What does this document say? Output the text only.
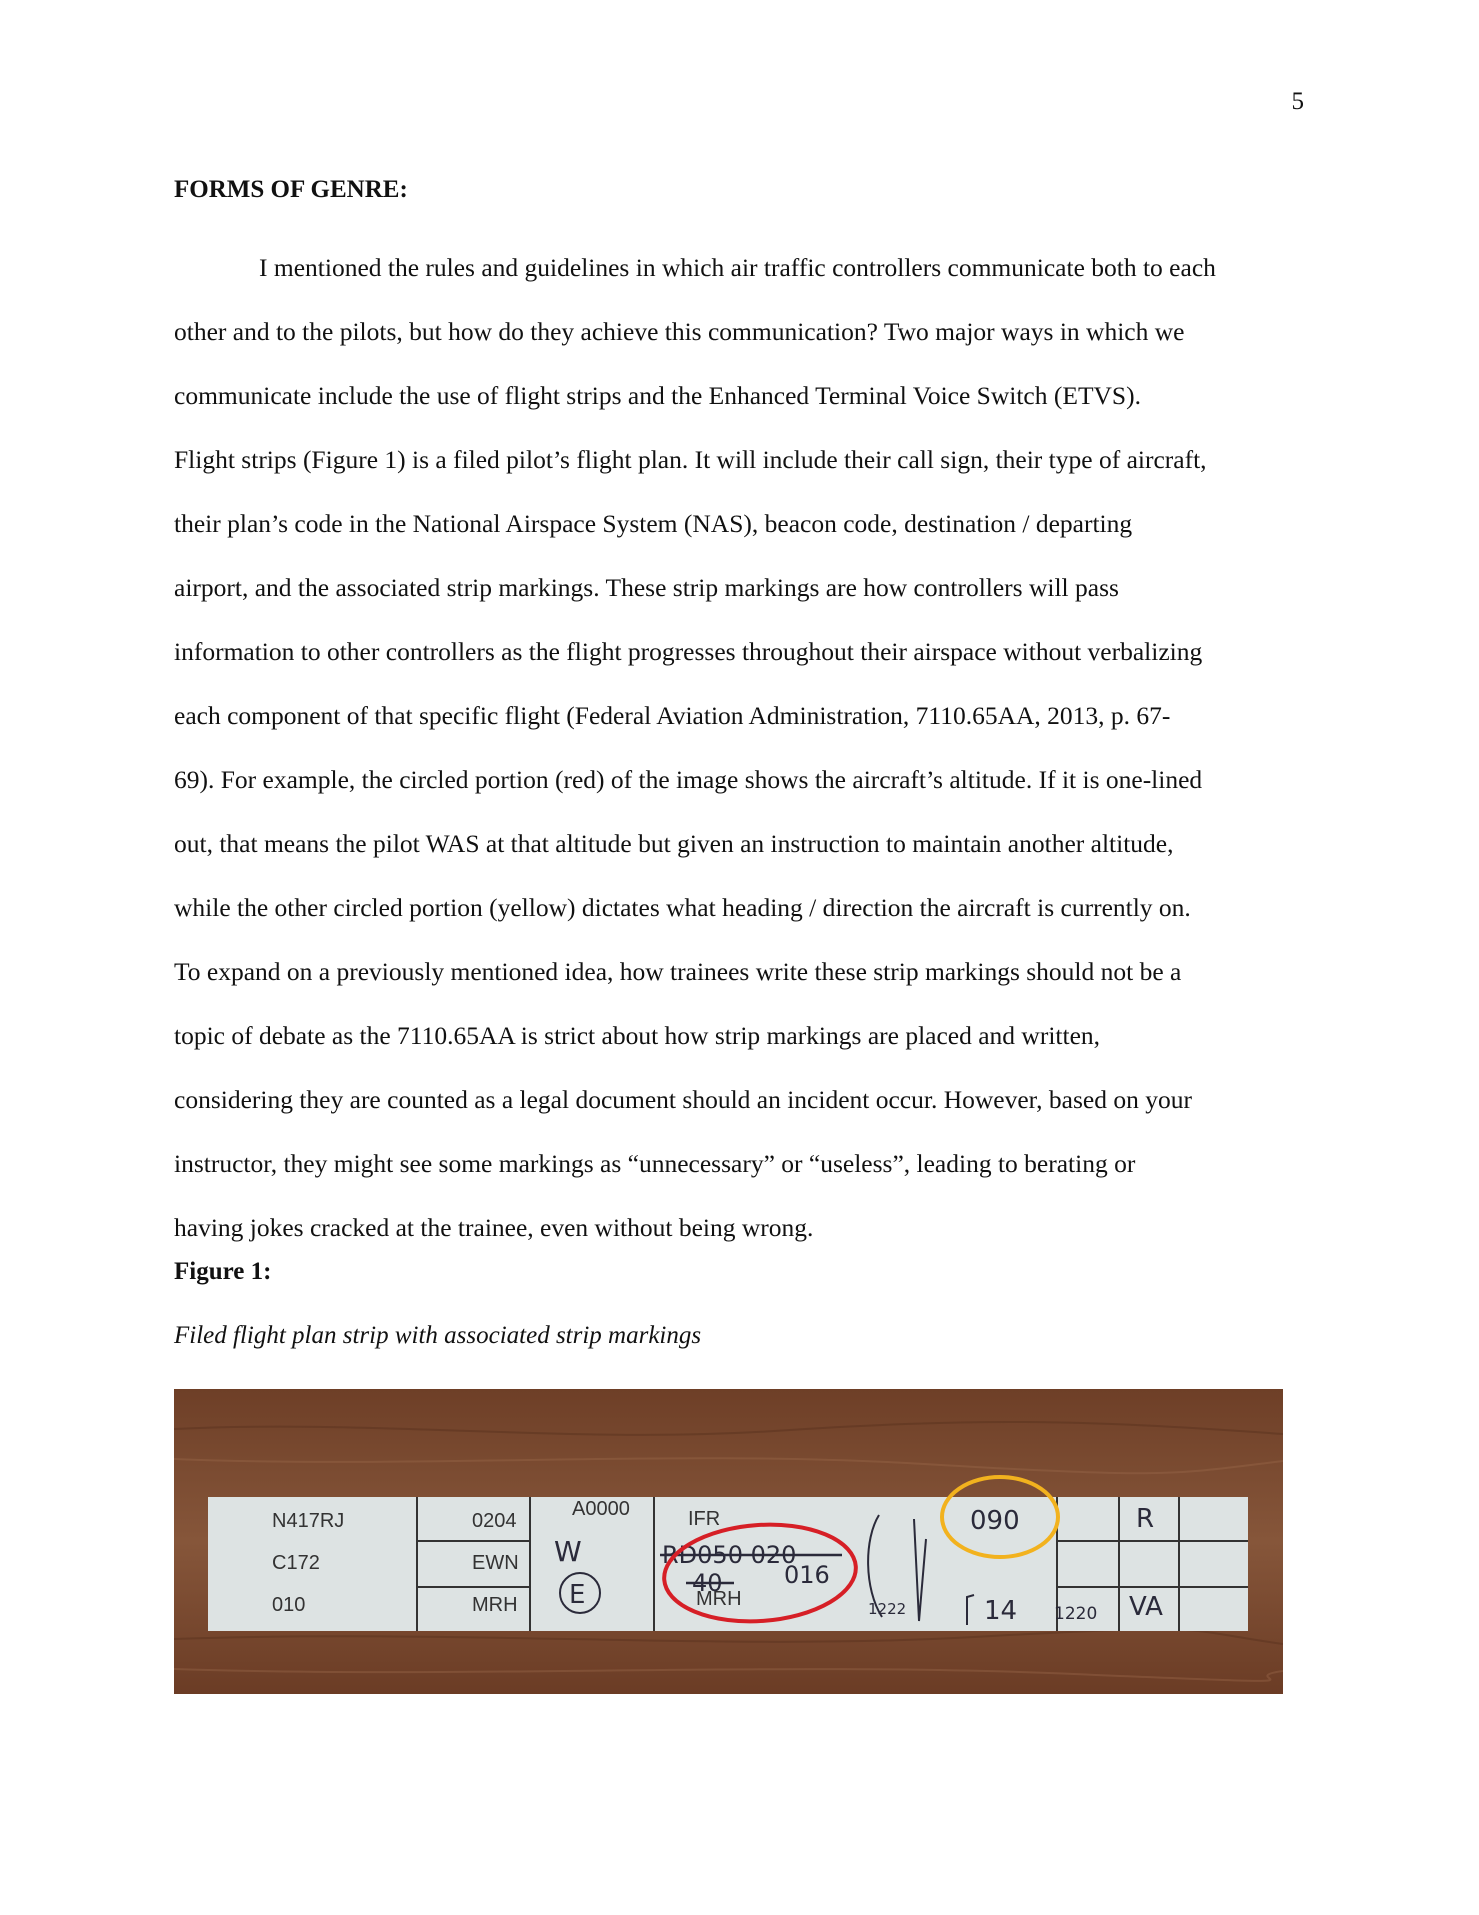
5
FORMS OF GENRE:

I mentioned the rules and guidelines in which air traffic controllers communicate both to each
other and to the pilots, but how do they achieve this communication? Two major ways in which we
communicate include the use of flight strips and the Enhanced Terminal Voice Switch (ETVS).
Flight strips (Figure 1) is a filed pilot’s flight plan. It will include their call sign, their type of aircraft,
their plan’s code in the National Airspace System (NAS), beacon code, destination / departing
airport, and the associated strip markings. These strip markings are how controllers will pass
information to other controllers as the flight progresses throughout their airspace without verbalizing
each component of that specific flight (Federal Aviation Administration, 7110.65AA, 2013, p. 67-
69). For example, the circled portion (red) of the image shows the aircraft’s altitude. If it is one-lined
out, that means the pilot WAS at that altitude but given an instruction to maintain another altitude,
while the other circled portion (yellow) dictates what heading / direction the aircraft is currently on.
To expand on a previously mentioned idea, how trainees write these strip markings should not be a
topic of debate as the 7110.65AA is strict about how strip markings are placed and written,
considering they are counted as a legal document should an incident occur. However, based on your
instructor, they might see some markings as “unnecessary” or “useless”, leading to berating or
having jokes cracked at the trainee, even without being wrong.

Figure 1:
Filed flight plan strip with associated strip markings
N417RJ
C172
010
0204
EWN
MRH
A0000	IFR
MRH
W
E
RD050 020
40	016
1222
090
14 1220
R
VA
